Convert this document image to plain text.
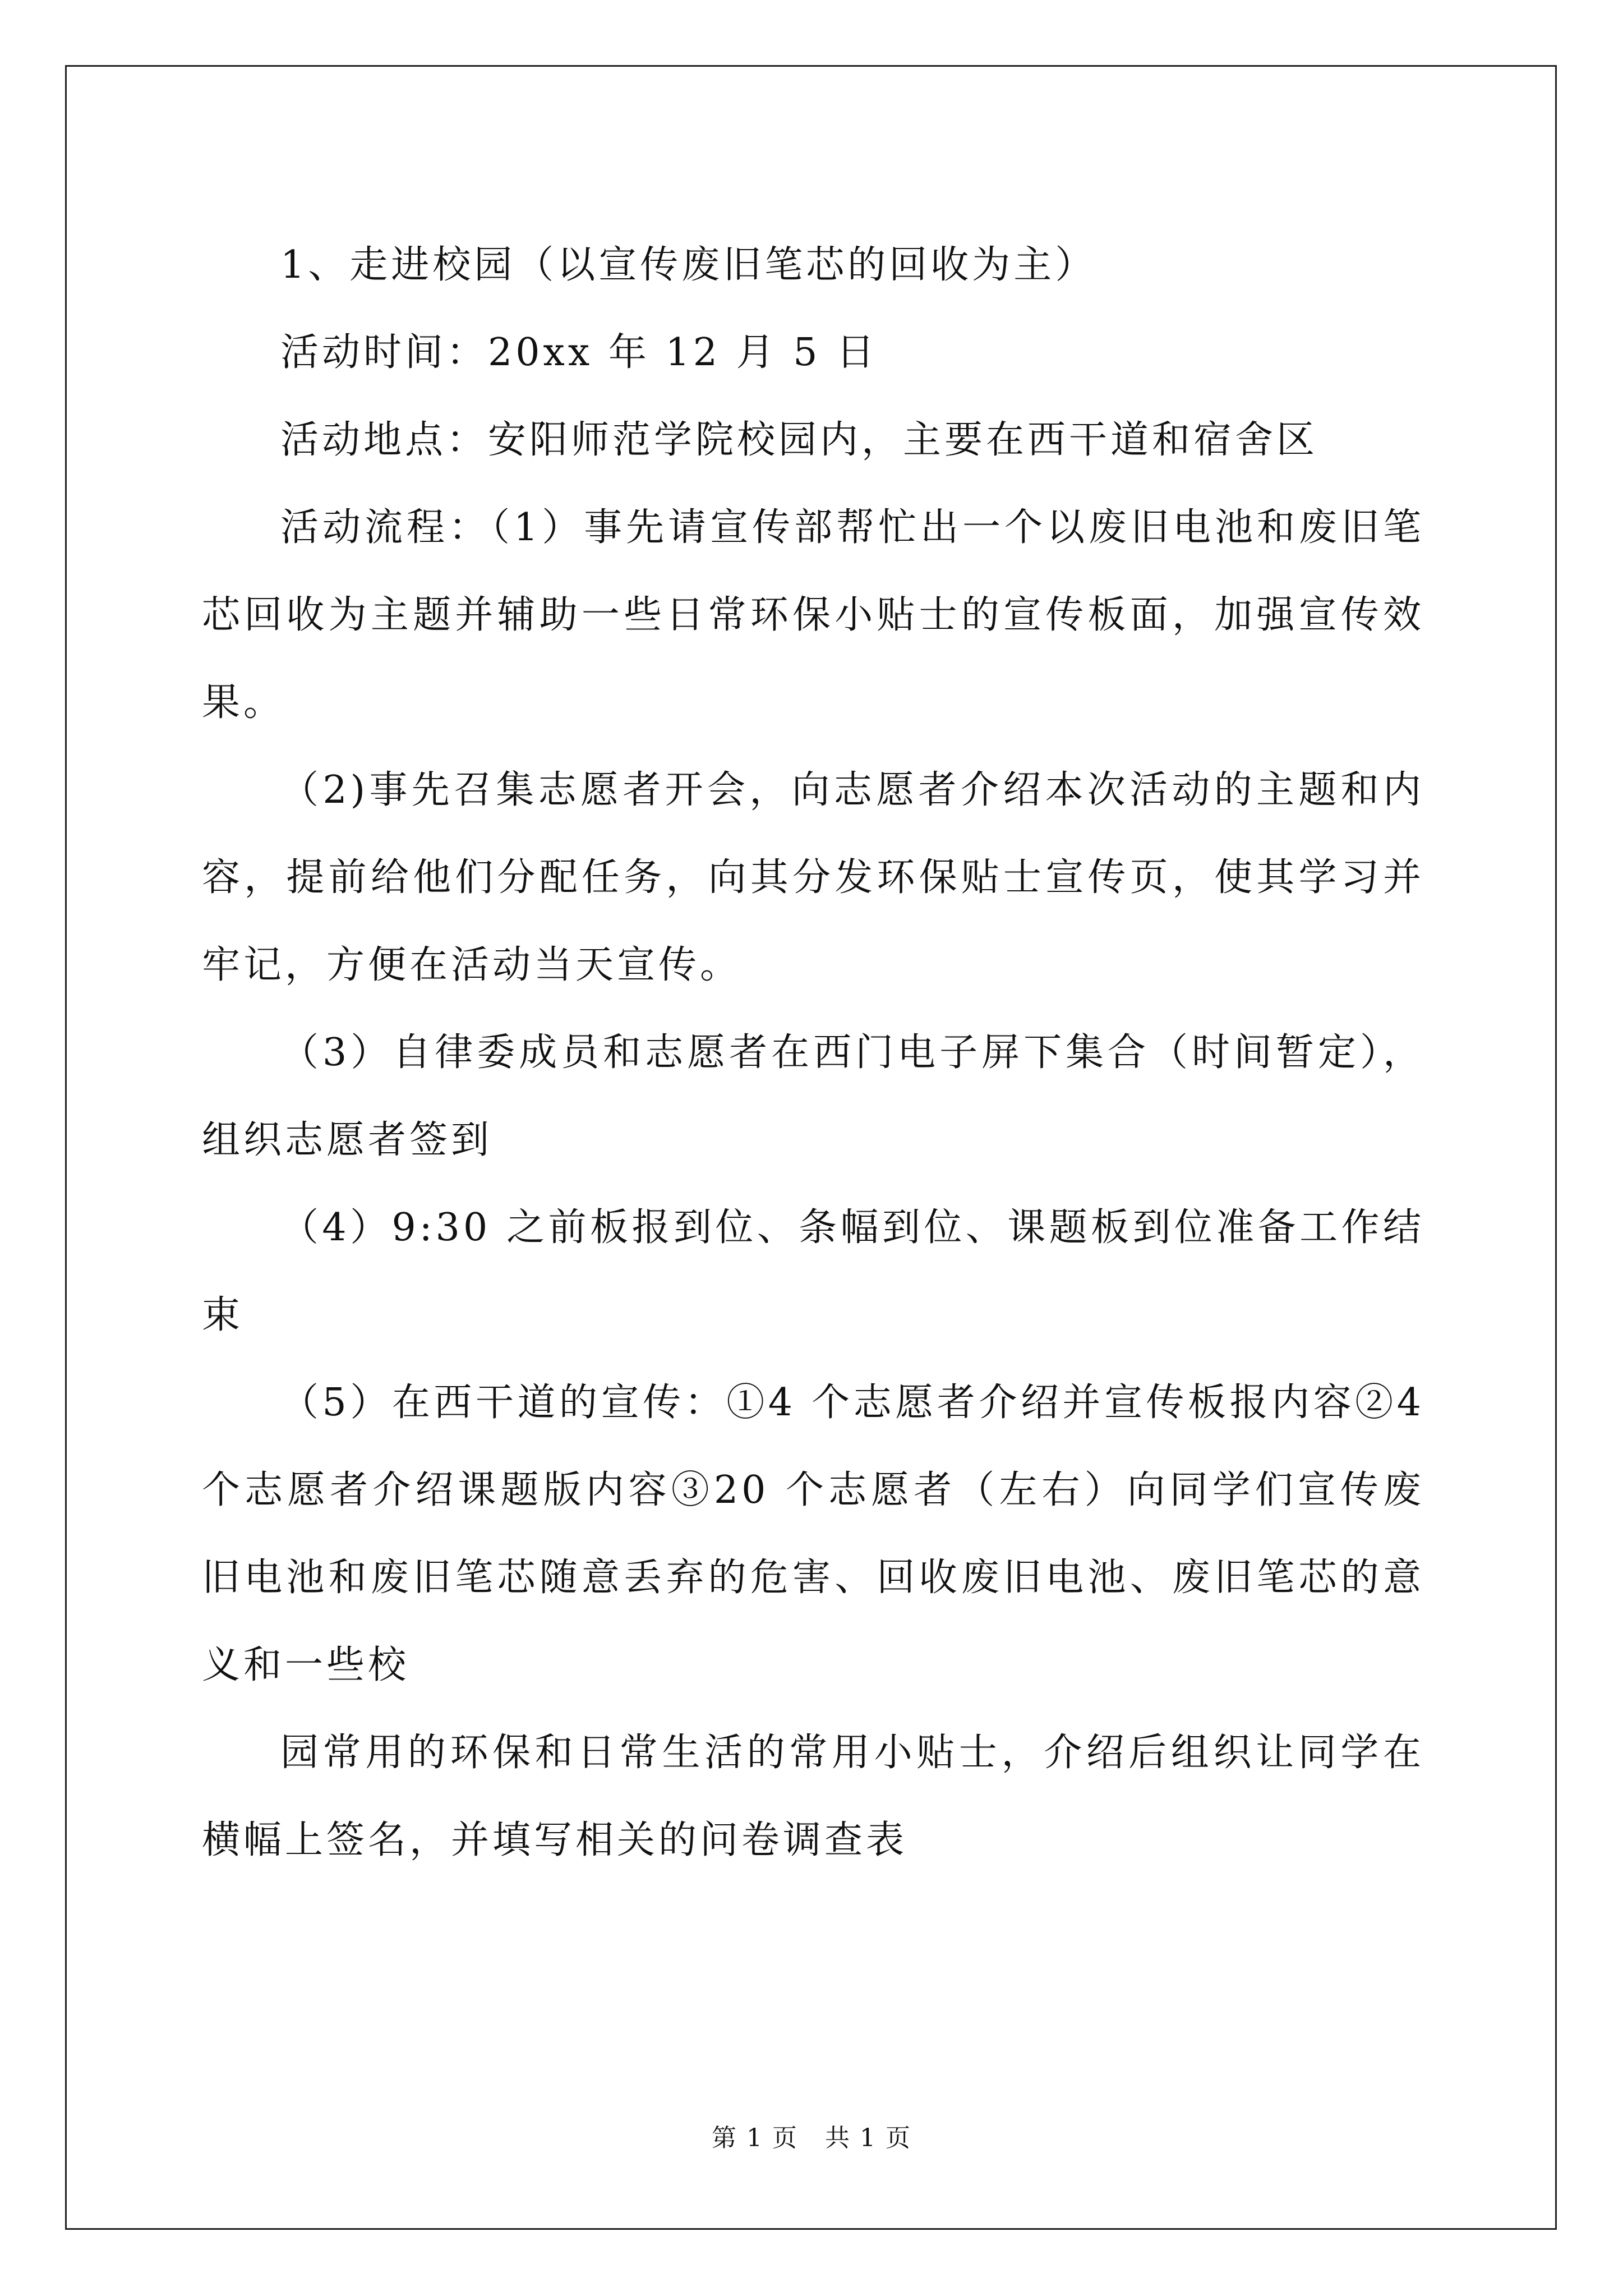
1、走进校园（以宣传废旧笔芯的回收为主）

活动时间：20xx 年 12 月 5 日

活动地点：安阳师范学院校园内，主要在西干道和宿舍区

活动流程：（1）事先请宣传部帮忙出一个以废旧电池和废旧笔芯回收为主题并辅助一些日常环保小贴士的宣传板面，加强宣传效果。

（2)事先召集志愿者开会，向志愿者介绍本次活动的主题和内容，提前给他们分配任务，向其分发环保贴士宣传页，使其学习并牢记，方便在活动当天宣传。

（3）自律委成员和志愿者在西门电子屏下集合（时间暂定），组织志愿者签到

（4）9:30 之前板报到位、条幅到位、课题板到位准备工作结束

（5）在西干道的宣传：①4 个志愿者介绍并宣传板报内容②4 个志愿者介绍课题版内容③20 个志愿者（左右）向同学们宣传废旧电池和废旧笔芯随意丢弃的危害、回收废旧电池、废旧笔芯的意义和一些校

园常用的环保和日常生活的常用小贴士，介绍后组织让同学在横幅上签名，并填写相关的问卷调查表

第 1 页 共 1 页
